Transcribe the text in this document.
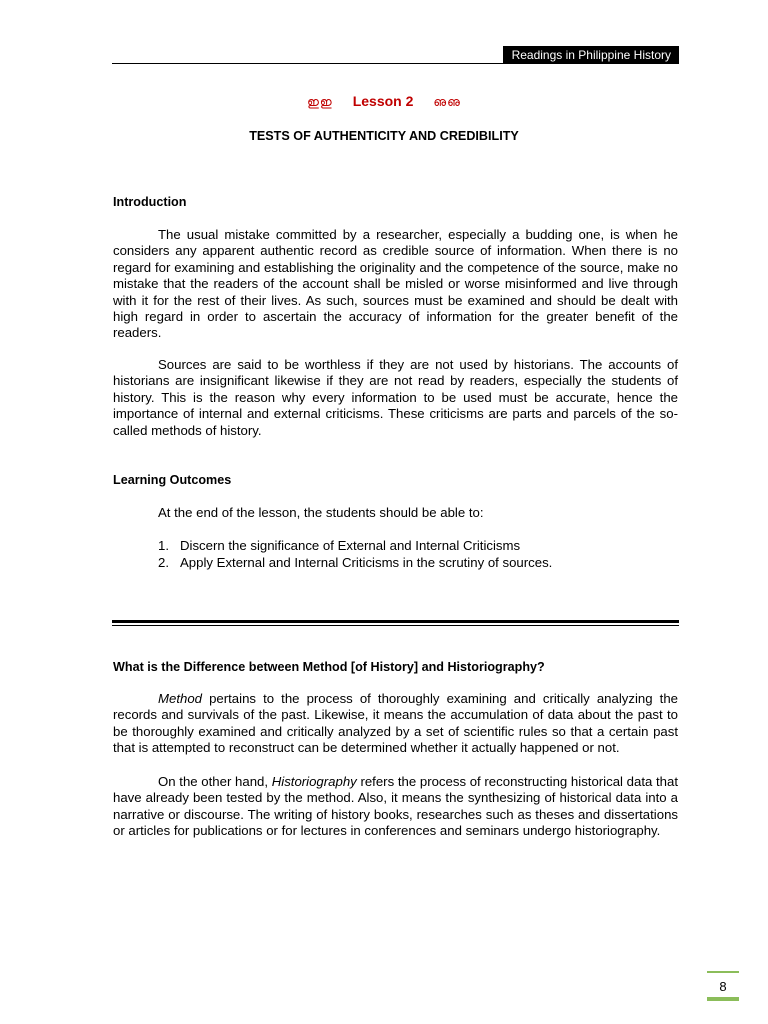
Readings in Philippine History
ഇഇ Lesson 2 ഌഌ
TESTS OF AUTHENTICITY AND CREDIBILITY
Introduction

The usual mistake committed by a researcher, especially a budding one, is when he considers any apparent authentic record as credible source of information. When there is no regard for examining and establishing the originality and the competence of the source, make no mistake that the readers of the account shall be misled or worse misinformed and live through with it for the rest of their lives. As such, sources must be examined and should be dealt with high regard in order to ascertain the accuracy of information for the greater benefit of the readers.

Sources are said to be worthless if they are not used by historians. The accounts of historians are insignificant likewise if they are not read by readers, especially the students of history. This is the reason why every information to be used must be accurate, hence the importance of internal and external criticisms. These criticisms are parts and parcels of the so-called methods of history.

Learning Outcomes
At the end of the lesson, the students should be able to:
1. Discern the significance of External and Internal Criticisms
2. Apply External and Internal Criticisms in the scrutiny of sources.
What is the Difference between Method [of History] and Historiography?

Method pertains to the process of thoroughly examining and critically analyzing the records and survivals of the past. Likewise, it means the accumulation of data about the past to be thoroughly examined and critically analyzed by a set of scientific rules so that a certain past that is attempted to reconstruct can be determined whether it actually happened or not.

On the other hand, Historiography refers the process of reconstructing historical data that have already been tested by the method. Also, it means the synthesizing of historical data into a narrative or discourse. The writing of history books, researches such as theses and dissertations or articles for publications or for lectures in conferences and seminars undergo historiography.

8
